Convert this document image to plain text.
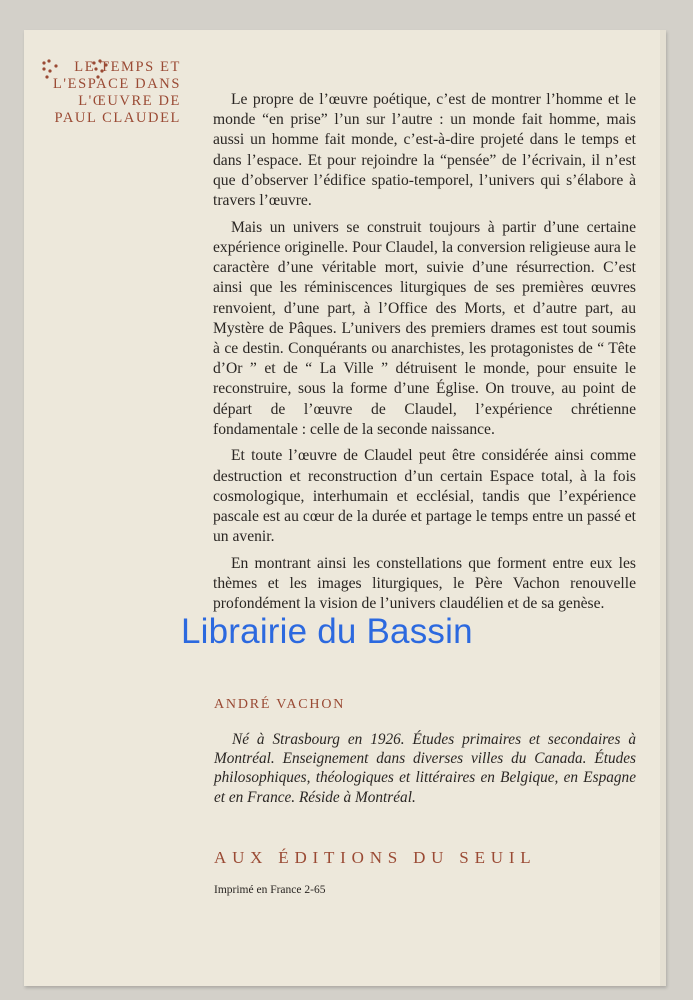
LE TEMPS ET
L'ESPACE DANS
L'ŒUVRE DE
PAUL CLAUDEL

Le propre de l’œuvre poétique, c’est de montrer l’homme et le monde “en prise” l’un sur l’autre : un monde fait homme, mais aussi un homme fait monde, c’est-à-dire projeté dans le temps et dans l’espace. Et pour rejoindre la “pensée” de l’écrivain, il n’est que d’observer l’édifice spatio-temporel, l’univers qui s’élabore à travers l’œuvre.

Mais un univers se construit toujours à partir d’une certaine expérience originelle. Pour Claudel, la conversion religieuse aura le caractère d’une véritable mort, suivie d’une résurrection. C’est ainsi que les réminiscences liturgiques de ses premières œuvres renvoient, d’une part, à l’Office des Morts, et d’autre part, au Mystère de Pâques. L’univers des premiers drames est tout soumis à ce destin. Conquérants ou anarchistes, les protagonistes de “ Tête d’Or ” et de “ La Ville ” détruisent le monde, pour ensuite le reconstruire, sous la forme d’une Église. On trouve, au point de départ de l’œuvre de Claudel, l’expérience chrétienne fondamentale : celle de la seconde naissance.

Et toute l’œuvre de Claudel peut être considérée ainsi comme destruction et reconstruction d’un certain Espace total, à la fois cosmologique, interhumain et ecclésial, tandis que l’expérience pascale est au cœur de la durée et partage le temps entre un passé et un avenir.

En montrant ainsi les constellations que forment entre eux les thèmes et les images liturgiques, le Père Vachon renouvelle profondément la vision de l’univers claudélien et de sa genèse.

Librairie du Bassin
ANDRÉ VACHON
Né à Strasbourg en 1926. Études primaires et secondaires à Montréal. Enseignement dans diverses villes du Canada. Études philosophiques, théologiques et littéraires en Belgique, en Espagne et en France. Réside à Montréal.
AUX ÉDITIONS DU SEUIL
Imprimé en France 2-65
